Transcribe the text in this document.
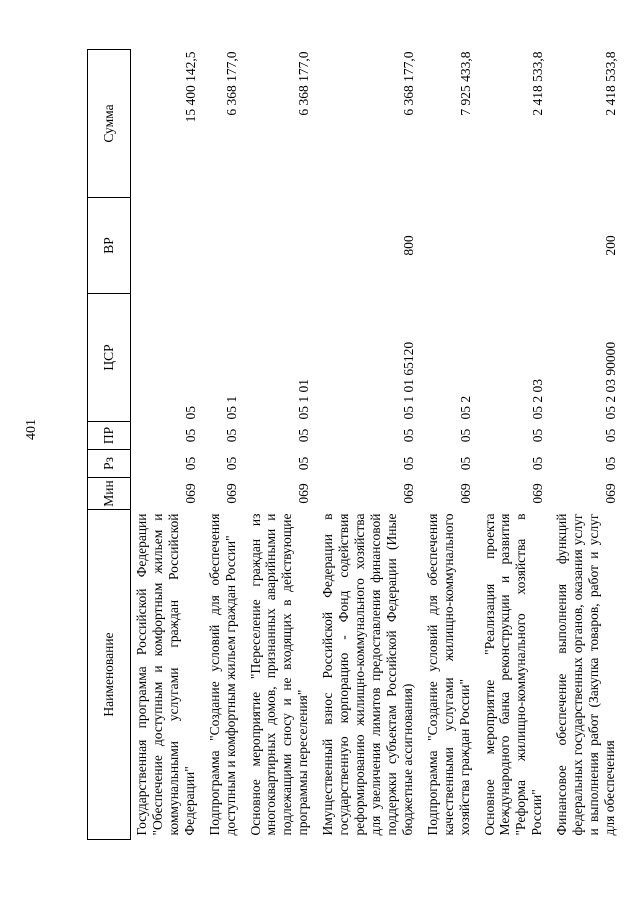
401
Наименование	Мин	Рз	ПР	ЦСР	ВР	Сумма
Государственная программа Российской Федерации "Обеспечение доступным и комфортным жильем и коммунальными услугами граждан Российской Федерации"	069	05	05	05		15 400 142,5
Подпрограмма "Создание условий для обеспечения доступным и комфортным жильем граждан России"	069	05	05	05 1		6 368 177,0
Основное мероприятие "Переселение граждан из многоквартирных домов, признанных аварийными и подлежащими сносу и не входящих в действующие программы переселения"	069	05	05	05 1 01		6 368 177,0
Имущественный взнос Российской Федерации в государственную корпорацию - Фонд содействия реформированию жилищно-коммунального хозяйства для увеличения лимитов предоставления финансовой поддержки субъектам Российской Федерации (Иные бюджетные ассигнования)	069	05	05	05 1 01 65120	800	6 368 177,0
Подпрограмма "Создание условий для обеспечения качественными услугами жилищно-коммунального хозяйства граждан России"	069	05	05	05 2		7 925 433,8
Основное мероприятие "Реализация проекта Международного банка реконструкции и развития "Реформа жилищно-коммунального хозяйства в России"	069	05	05	05 2 03		2 418 533,8
Финансовое обеспечение выполнения функций федеральных государственных органов, оказания услуг и выполнения работ (Закупка товаров, работ и услуг для обеспечения	069	05	05	05 2 03 90000	200	2 418 533,8
